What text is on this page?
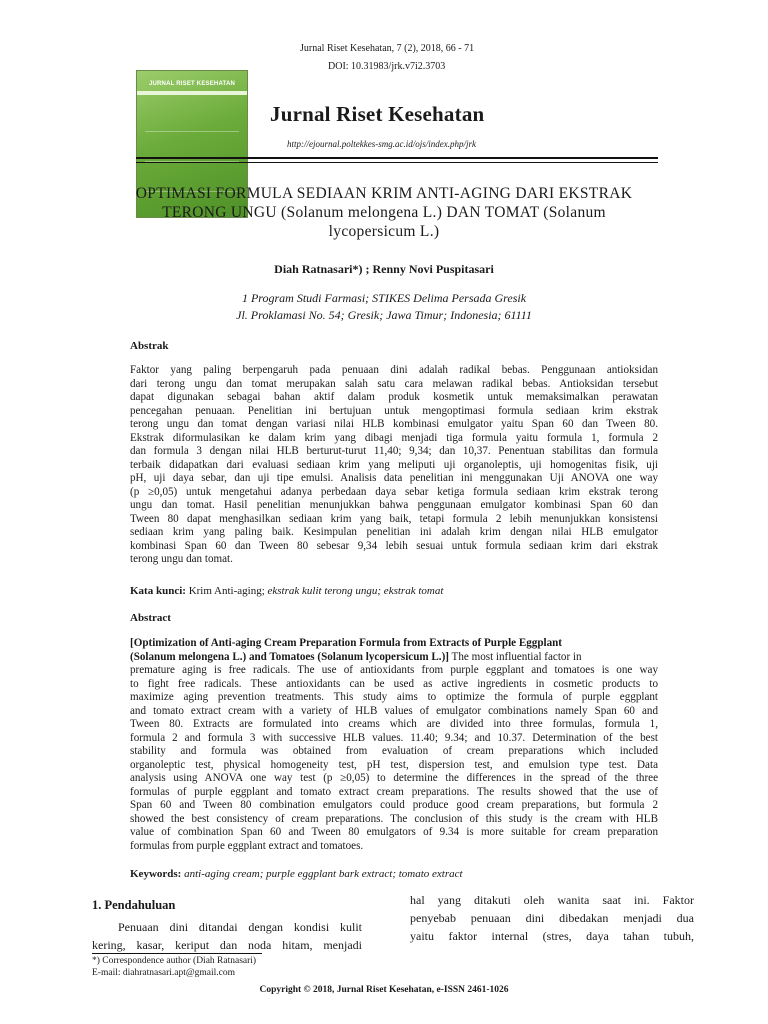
JURNAL RISET KESEHATAN
Jurnal Riset Kesehatan, 7 (2), 2018, 66 - 71
DOI: 10.31983/jrk.v7i2.3703
Jurnal Riset Kesehatan
http://ejournal.poltekkes-smg.ac.id/ojs/index.php/jrk
OPTIMASI FORMULA SEDIAAN KRIM ANTI-AGING DARI EKSTRAK
TERONG UNGU (Solanum melongena L.) DAN TOMAT (Solanum
lycopersicum L.)
Diah Ratnasari*) ; Renny Novi Puspitasari
1 Program Studi Farmasi; STIKES Delima Persada Gresik
Jl. Proklamasi No. 54; Gresik; Jawa Timur; Indonesia; 61111
Abstrak
Faktor yang paling berpengaruh pada penuaan dini adalah radikal bebas. Penggunaan antioksidan
dari terong ungu dan tomat merupakan salah satu cara melawan radikal bebas. Antioksidan tersebut
dapat digunakan sebagai bahan aktif dalam produk kosmetik untuk memaksimalkan perawatan
pencegahan penuaan. Penelitian ini bertujuan untuk mengoptimasi formula sediaan krim ekstrak
terong ungu dan tomat dengan variasi nilai HLB kombinasi emulgator yaitu Span 60 dan Tween 80.
Ekstrak diformulasikan ke dalam krim yang dibagi menjadi tiga formula yaitu formula 1, formula 2
dan formula 3 dengan nilai HLB berturut-turut 11,40; 9,34; dan 10,37. Penentuan stabilitas dan formula
terbaik didapatkan dari evaluasi sediaan krim yang meliputi uji organoleptis, uji homogenitas fisik, uji
pH, uji daya sebar, dan uji tipe emulsi. Analisis data penelitian ini menggunakan Uji ANOVA one way
(p ≥0,05) untuk mengetahui adanya perbedaan daya sebar ketiga formula sediaan krim ekstrak terong
ungu dan tomat. Hasil penelitian menunjukkan bahwa penggunaan emulgator kombinasi Span 60 dan
Tween 80 dapat menghasilkan sediaan krim yang baik, tetapi formula 2 lebih menunjukkan konsistensi
sediaan krim yang paling baik. Kesimpulan penelitian ini adalah krim dengan nilai HLB emulgator
kombinasi Span 60 dan Tween 80 sebesar 9,34 lebih sesuai untuk formula sediaan krim dari ekstrak
terong ungu dan tomat.
Kata kunci: Krim Anti-aging; ekstrak kulit terong ungu; ekstrak tomat
Abstract
[Optimization of Anti-aging Cream Preparation Formula from Extracts of Purple Eggplant
(Solanum melongena L.) and Tomatoes (Solanum lycopersicum L.)] The most influential factor in
premature aging is free radicals. The use of antioxidants from purple eggplant and tomatoes is one way
to fight free radicals. These antioxidants can be used as active ingredients in cosmetic products to
maximize aging prevention treatments. This study aims to optimize the formula of purple eggplant
and tomato extract cream with a variety of HLB values of emulgator combinations namely Span 60 and
Tween 80. Extracts are formulated into creams which are divided into three formulas, formula 1,
formula 2 and formula 3 with successive HLB values. 11.40; 9.34; and 10.37. Determination of the best
stability and formula was obtained from evaluation of cream preparations which included
organoleptic test, physical homogeneity test, pH test, dispersion test, and emulsion type test. Data
analysis using ANOVA one way test (p ≥0,05) to determine the differences in the spread of the three
formulas of purple eggplant and tomato extract cream preparations. The results showed that the use of
Span 60 and Tween 80 combination emulgators could produce good cream preparations, but formula 2
showed the best consistency of cream preparations. The conclusion of this study is the cream with HLB
value of combination Span 60 and Tween 80 emulgators of 9.34 is more suitable for cream preparation
formulas from purple eggplant extract and tomatoes.
Keywords: anti-aging cream; purple eggplant bark extract; tomato extract
1. Pendahuluan
Penuaan dini ditandai dengan kondisi kulit
kering, kasar, keriput dan noda hitam, menjadi
hal yang ditakuti oleh wanita saat ini. Faktor
penyebab penuaan dini dibedakan menjadi dua
yaitu faktor internal (stres, daya tahan tubuh,
*) Correspondence author (Diah Ratnasari)
E-mail: diahratnasari.apt@gmail.com
Copyright © 2018, Jurnal Riset Kesehatan, e-ISSN 2461-1026
